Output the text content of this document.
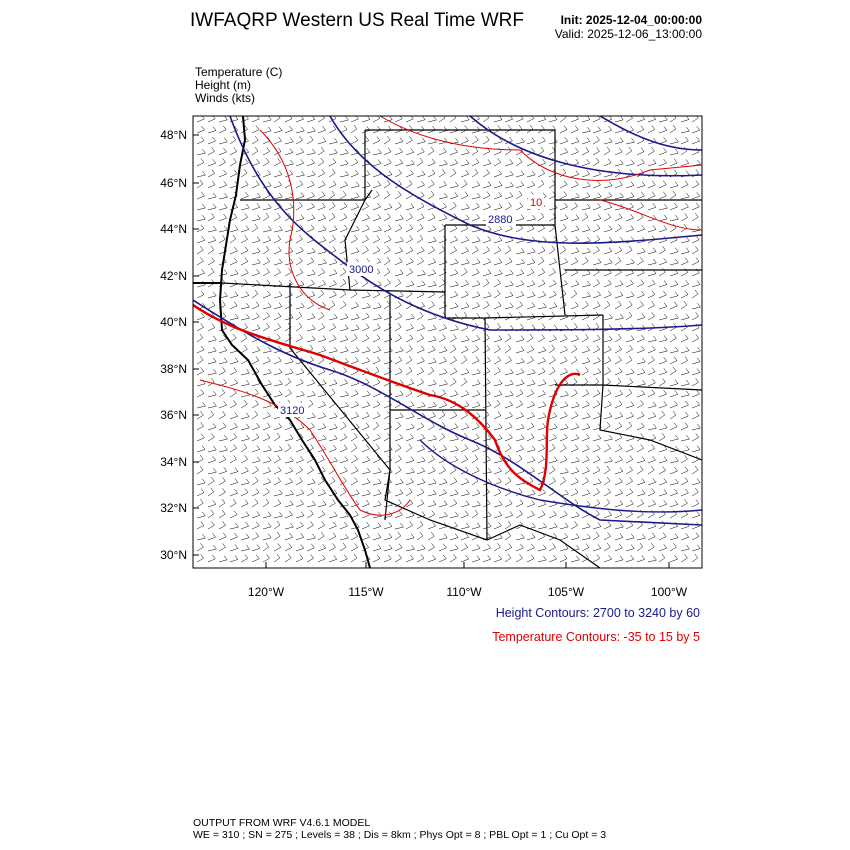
IWFAQRP Western US Real Time WRF	Init: 2025-12-04_00:00:00
Valid: 2025-12-06_13:00:00
Temperature (C)
Height (m)
Winds (kts)
3120
3000
2880
10
48°N
46°N
44°N
42°N
40°N
38°N
36°N
34°N
32°N
30°N
120°W	115°W	110°W	105°W	100°W
Height Contours: 2700 to 3240 by 60
Temperature Contours: -35 to 15 by 5
OUTPUT FROM WRF V4.6.1 MODEL
WE = 310 ; SN = 275 ; Levels = 38 ; Dis = 8km ; Phys Opt = 8 ; PBL Opt = 1 ; Cu Opt = 3
